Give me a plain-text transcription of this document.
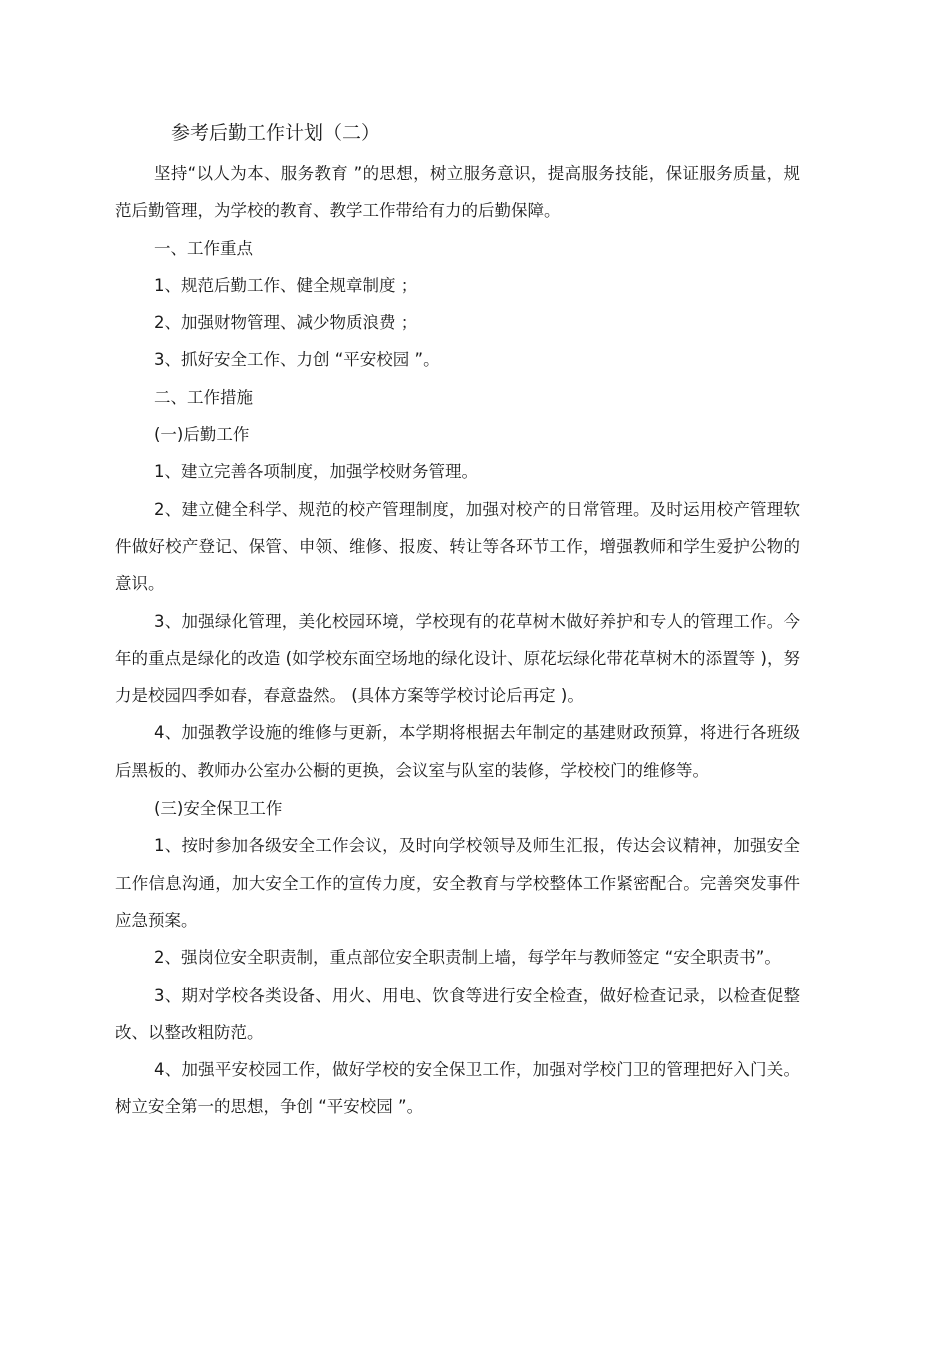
参考后勤工作计划（二）

坚持“以人为本、服务教育 ”的思想，树立服务意识，提高服务技能，保证服务质量，规范后勤管理，为学校的教育、教学工作带给有力的后勤保障。

一、工作重点

1、规范后勤工作、健全规章制度 ；

2、加强财物管理、减少物质浪费 ；

3、抓好安全工作、力创 “平安校园 ”。

二、工作措施

(一)后勤工作

1、建立完善各项制度，加强学校财务管理。

2、建立健全科学、规范的校产管理制度，加强对校产的日常管理。及时运用校产管理软件做好校产登记、保管、申领、维修、报废、转让等各环节工作，增强教师和学生爱护公物的意识。

3、加强绿化管理，美化校园环境，学校现有的花草树木做好养护和专人的管理工作。今年的重点是绿化的改造 (如学校东面空场地的绿化设计、原花坛绿化带花草树木的添置等 )，努力是校园四季如春，春意盎然。 (具体方案等学校讨论后再定 )。

4、加强教学设施的维修与更新，本学期将根据去年制定的基建财政预算，将进行各班级后黑板的、教师办公室办公橱的更换，会议室与队室的装修，学校校门的维修等。

(三)安全保卫工作

1、按时参加各级安全工作会议，及时向学校领导及师生汇报，传达会议精神，加强安全工作信息沟通，加大安全工作的宣传力度，安全教育与学校整体工作紧密配合。完善突发事件应急预案。

2、强岗位安全职责制，重点部位安全职责制上墙，每学年与教师签定 “安全职责书”。

3、期对学校各类设备、用火、用电、饮食等进行安全检查，做好检查记录，以检查促整改、以整改粗防范。

4、加强平安校园工作，做好学校的安全保卫工作，加强对学校门卫的管理把好入门关。树立安全第一的思想，争创 “平安校园 ”。
